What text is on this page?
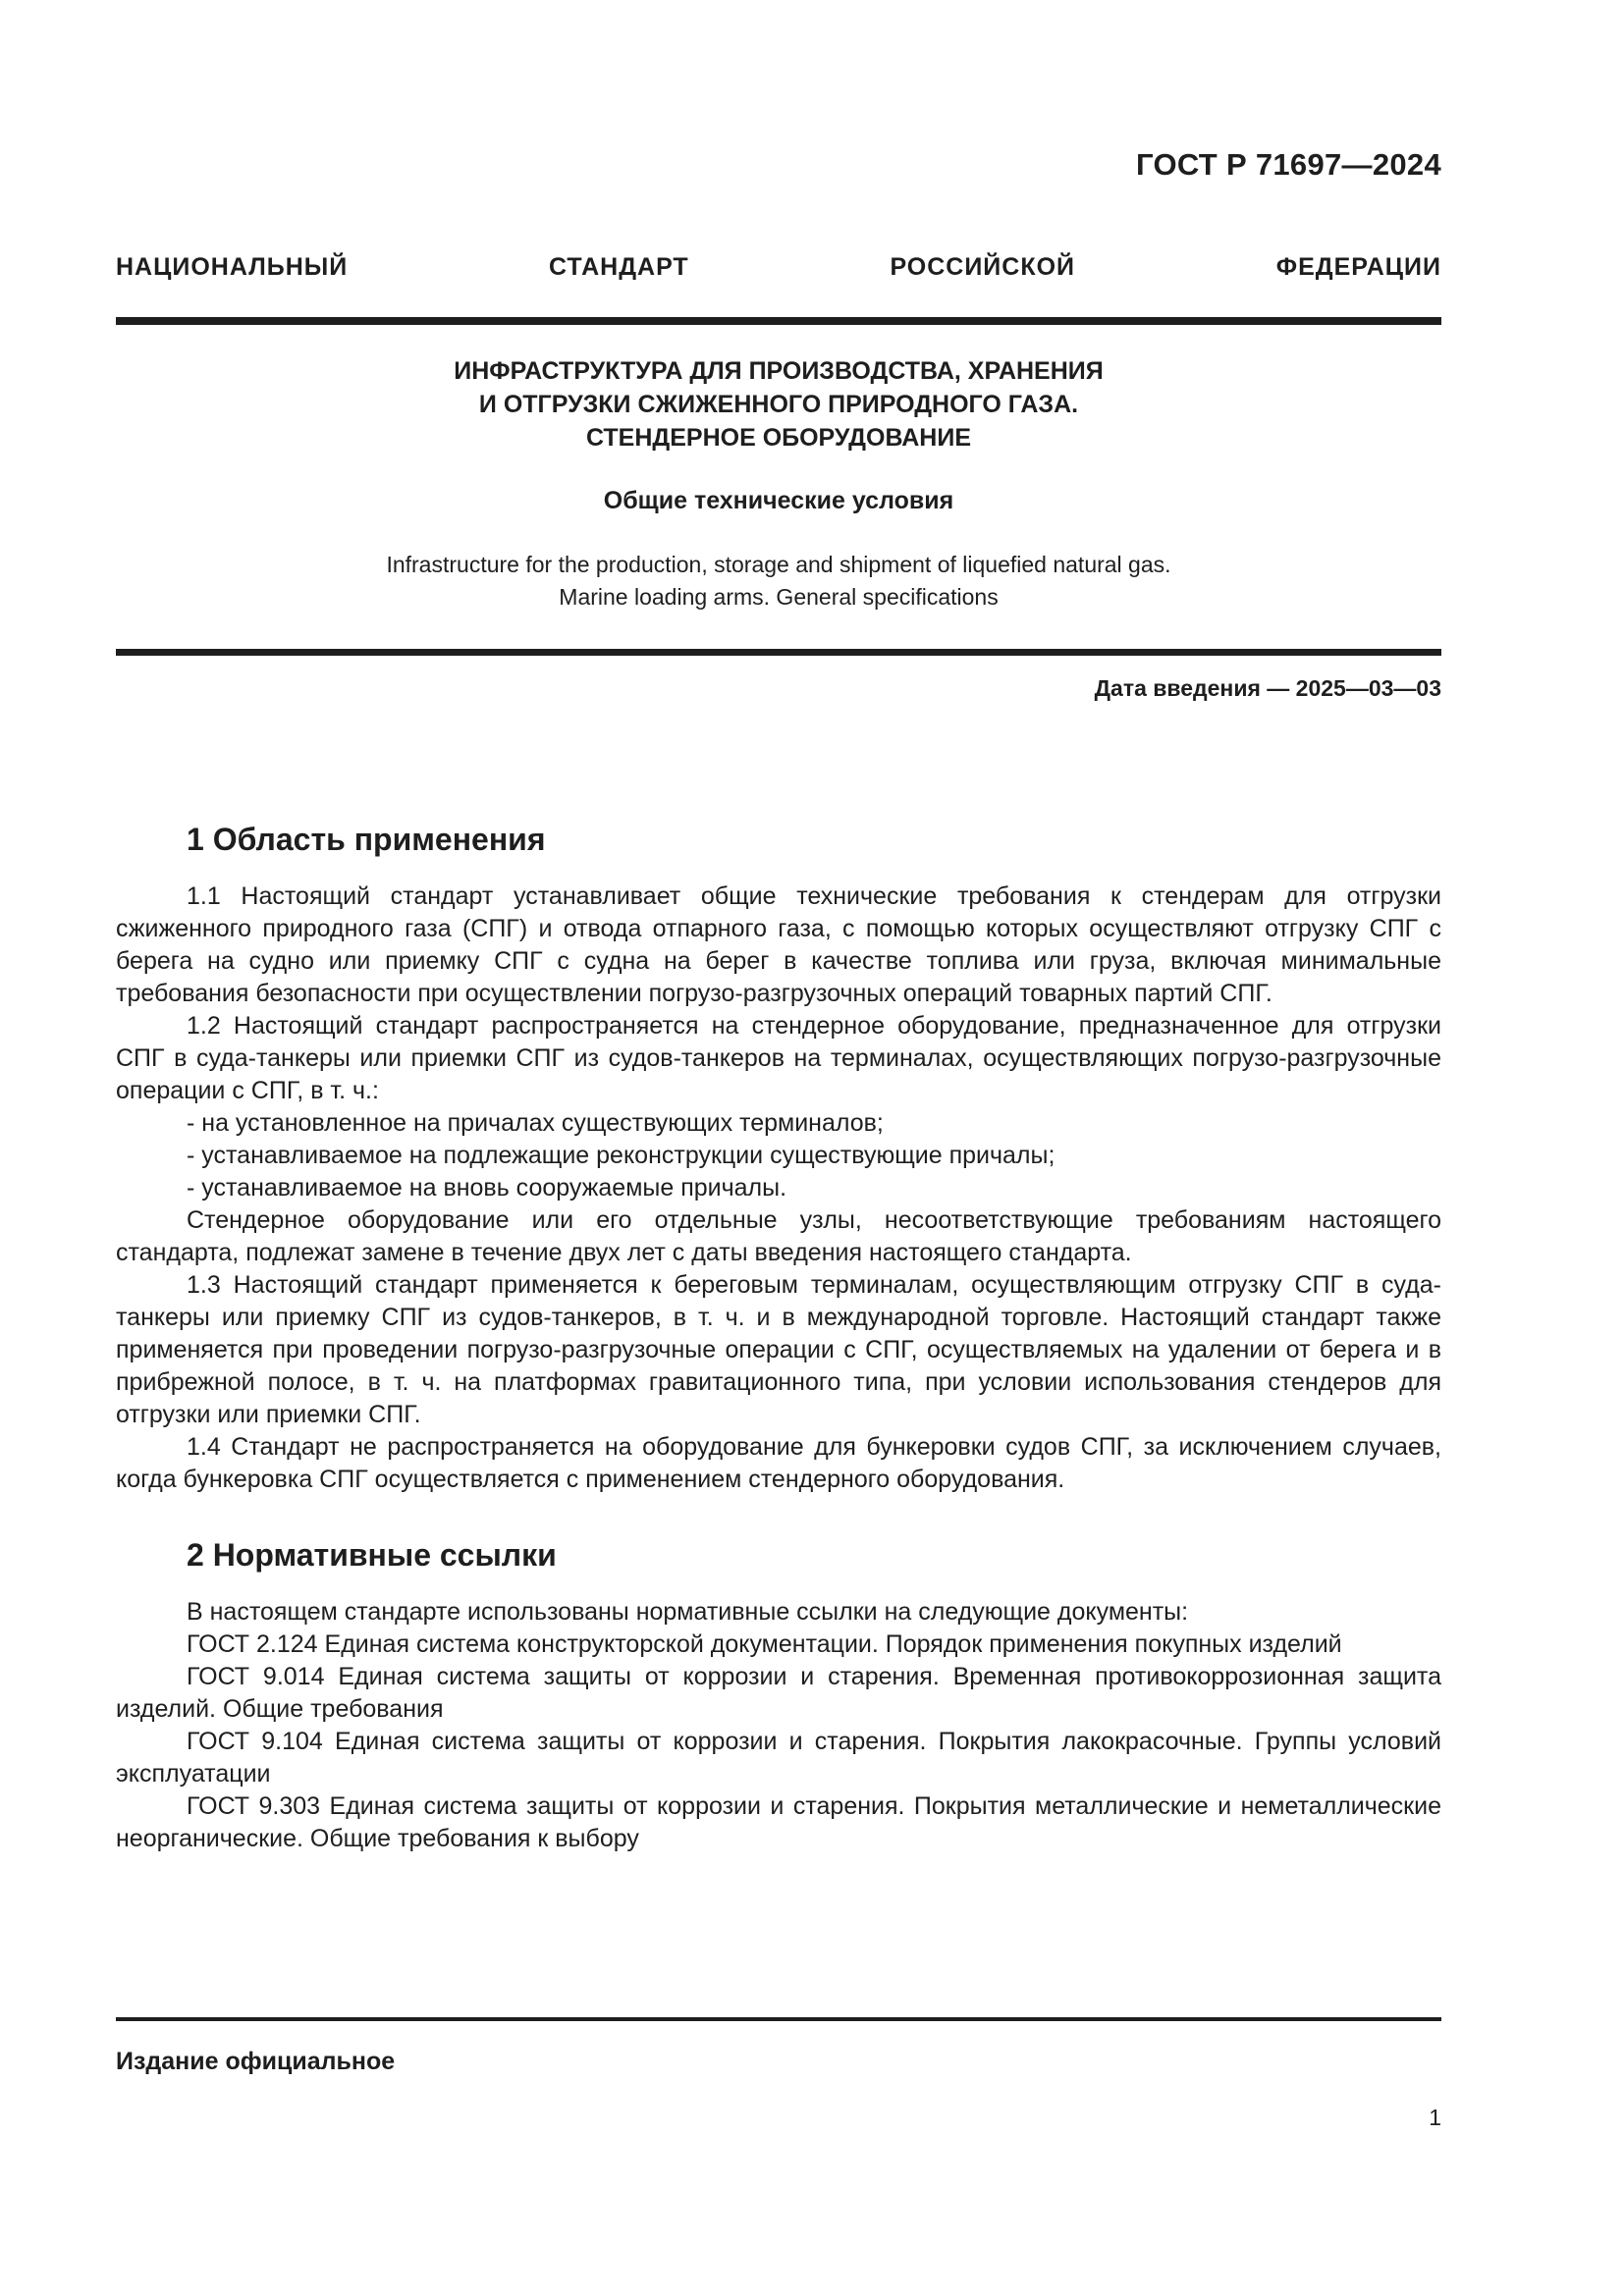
ГОСТ Р 71697—2024
НАЦИОНАЛЬНЫЙ СТАНДАРТ РОССИЙСКОЙ ФЕДЕРАЦИИ
ИНФРАСТРУКТУРА ДЛЯ ПРОИЗВОДСТВА, ХРАНЕНИЯ
И ОТГРУЗКИ СЖИЖЕННОГО ПРИРОДНОГО ГАЗА.
СТЕНДЕРНОЕ ОБОРУДОВАНИЕ
Общие технические условия
Infrastructure for the production, storage and shipment of liquefied natural gas.
Marine loading arms. General specifications
Дата введения — 2025—03—03
1 Область применения

1.1 Настоящий стандарт устанавливает общие технические требования к стендерам для отгрузки сжиженного природного газа (СПГ) и отвода отпарного газа, с помощью которых осуществляют отгрузку СПГ с берега на судно или приемку СПГ с судна на берег в качестве топлива или груза, включая минимальные требования безопасности при осуществлении погрузо-разгрузочных операций товарных партий СПГ.

1.2 Настоящий стандарт распространяется на стендерное оборудование, предназначенное для отгрузки СПГ в суда-танкеры или приемки СПГ из судов-танкеров на терминалах, осуществляющих погрузо-разгрузочные операции с СПГ, в т. ч.:

- на установленное на причалах существующих терминалов;
- устанавливаемое на подлежащие реконструкции существующие причалы;
- устанавливаемое на вновь сооружаемые причалы.

Стендерное оборудование или его отдельные узлы, несоответствующие требованиям настоящего стандарта, подлежат замене в течение двух лет с даты введения настоящего стандарта.

1.3 Настоящий стандарт применяется к береговым терминалам, осуществляющим отгрузку СПГ в суда-танкеры или приемку СПГ из судов-танкеров, в т. ч. и в международной торговле. Настоящий стандарт также применяется при проведении погрузо-разгрузочные операции с СПГ, осуществляемых на удалении от берега и в прибрежной полосе, в т. ч. на платформах гравитационного типа, при условии использования стендеров для отгрузки или приемки СПГ.

1.4 Стандарт не распространяется на оборудование для бункеровки судов СПГ, за исключением случаев, когда бункеровка СПГ осуществляется с применением стендерного оборудования.

2 Нормативные ссылки

В настоящем стандарте использованы нормативные ссылки на следующие документы:

ГОСТ 2.124 Единая система конструкторской документации. Порядок применения покупных изделий

ГОСТ 9.014 Единая система защиты от коррозии и старения. Временная противокоррозионная защита изделий. Общие требования

ГОСТ 9.104 Единая система защиты от коррозии и старения. Покрытия лакокрасочные. Группы условий эксплуатации

ГОСТ 9.303 Единая система защиты от коррозии и старения. Покрытия металлические и неметаллические неорганические. Общие требования к выбору

Издание официальное
1
